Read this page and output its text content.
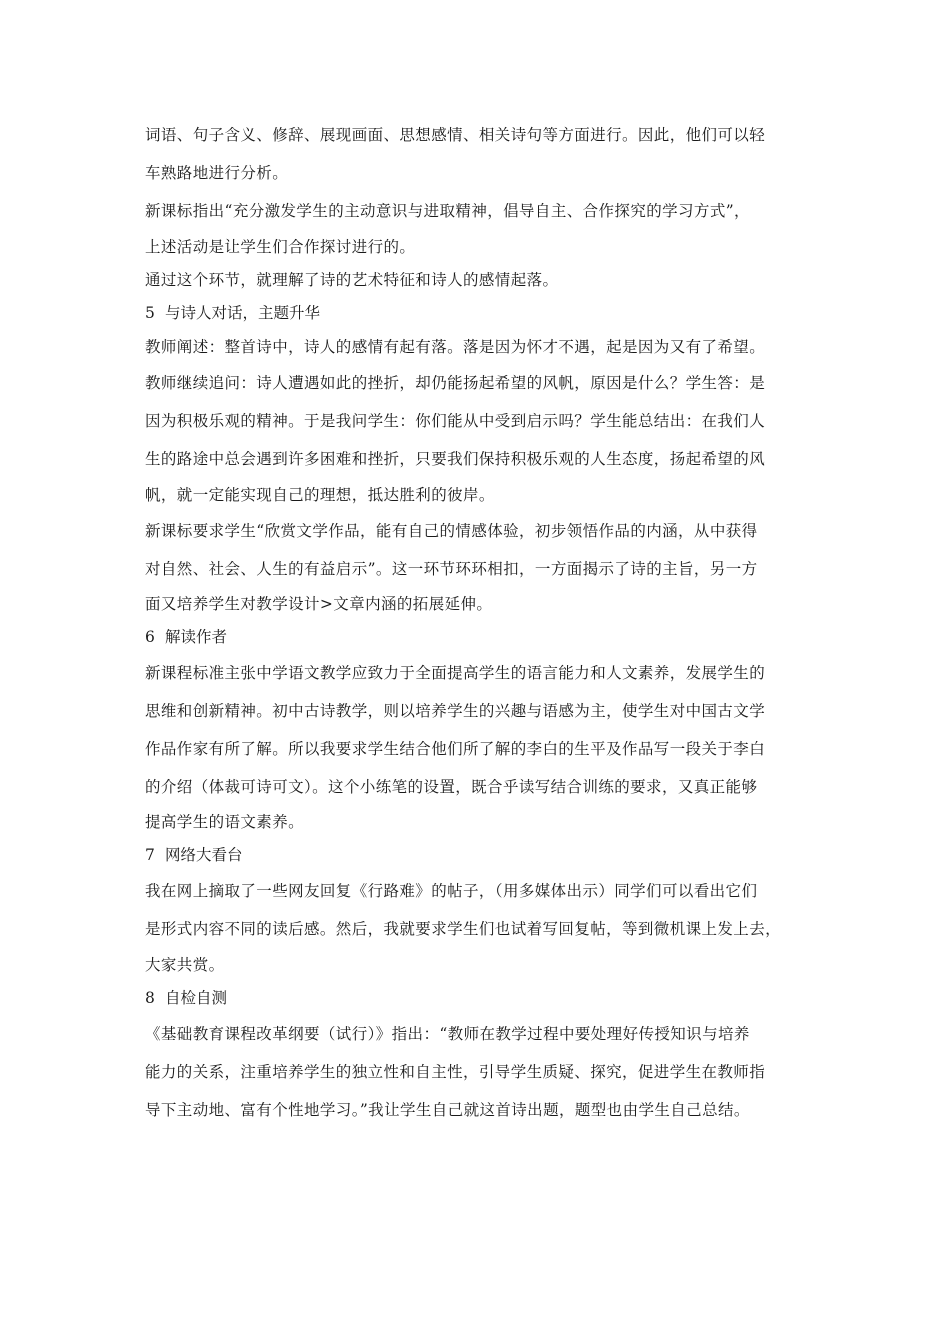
词语、句子含义、修辞、展现画面、思想感情、相关诗句等方面进行。因此，他们可以轻
车熟路地进行分析。
新课标指出“充分激发学生的主动意识与进取精神，倡导自主、合作探究的学习方式”，
上述活动是让学生们合作探讨进行的。
通过这个环节，就理解了诗的艺术特征和诗人的感情起落。
5 与诗人对话，主题升华
教师阐述：整首诗中，诗人的感情有起有落。落是因为怀才不遇，起是因为又有了希望。
教师继续追问：诗人遭遇如此的挫折，却仍能扬起希望的风帆，原因是什么？学生答：是
因为积极乐观的精神。于是我问学生：你们能从中受到启示吗？学生能总结出：在我们人
生的路途中总会遇到许多困难和挫折，只要我们保持积极乐观的人生态度，扬起希望的风
帆，就一定能实现自己的理想，抵达胜利的彼岸。
新课标要求学生“欣赏文学作品，能有自己的情感体验，初步领悟作品的内涵，从中获得
对自然、社会、人生的有益启示”。这一环节环环相扣，一方面揭示了诗的主旨，另一方
面又培养学生对教学设计>文章内涵的拓展延伸。
6 解读作者
新课程标准主张中学语文教学应致力于全面提高学生的语言能力和人文素养，发展学生的
思维和创新精神。初中古诗教学，则以培养学生的兴趣与语感为主，使学生对中国古文学
作品作家有所了解。所以我要求学生结合他们所了解的李白的生平及作品写一段关于李白
的介绍（体裁可诗可文）。这个小练笔的设置，既合乎读写结合训练的要求，又真正能够
提高学生的语文素养。
7 网络大看台
我在网上摘取了一些网友回复《行路难》的帖子，（用多媒体出示）同学们可以看出它们
是形式内容不同的读后感。然后，我就要求学生们也试着写回复帖，等到微机课上发上去，
大家共赏。
8 自检自测
《基础教育课程改革纲要（试行）》指出：“教师在教学过程中要处理好传授知识与培养
能力的关系，注重培养学生的独立性和自主性，引导学生质疑、探究，促进学生在教师指
导下主动地、富有个性地学习。”我让学生自己就这首诗出题，题型也由学生自己总结。
